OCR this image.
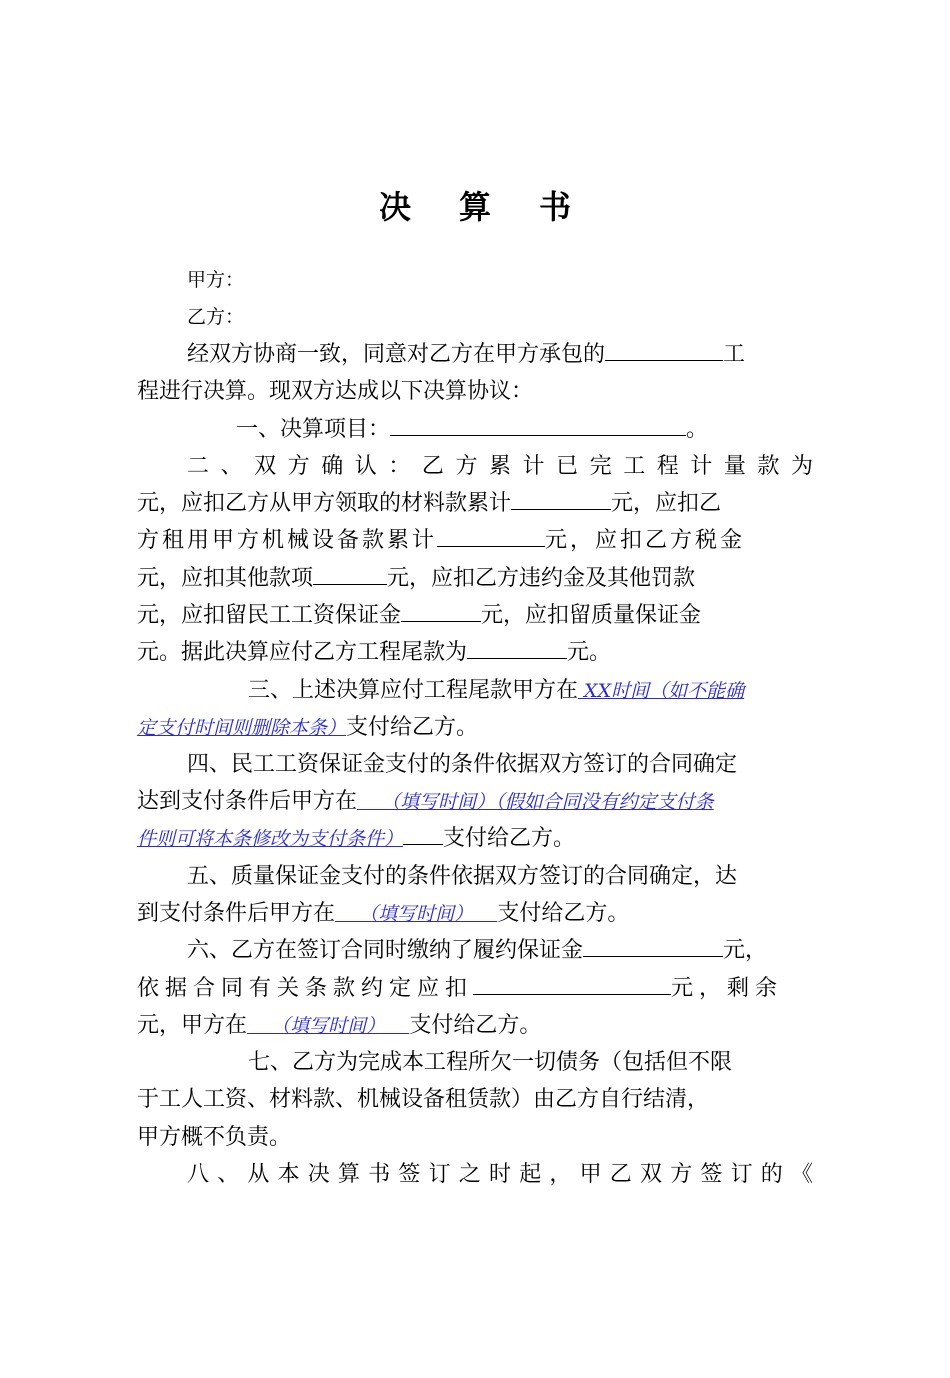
决 算 书
甲方：
乙方：
经双方协商一致，同意对乙方在甲方承包的	工
程进行决算。现双方达成以下决算协议：
一、决算项目：	。
二、双方确认：乙方累计已完工程计量款为
元，应扣乙方从甲方领取的材料款累计	元，应扣乙
方租用甲方机械设备款累计	元，应扣乙方税金
元，应扣其他款项	元，应扣乙方违约金及其他罚款
元，应扣留民工工资保证金	元，应扣留质量保证金
元。据此决算应付乙方工程尾款为	元。
三、上述决算应付工程尾款甲方在 XX时间（如不能确
定支付时间则删除本条）支付给乙方。
四、民工工资保证金支付的条件依据双方签订的合同确定
达到支付条件后甲方在    （填写时间）（假如合同没有约定支付条
件则可将本条修改为支付条件） 支付给乙方。
五、质量保证金支付的条件依据双方签订的合同确定，达
到支付条件后甲方在    （填写时间）    支付给乙方。
六、乙方在签订合同时缴纳了履约保证金	元，
依据合同有关条款约定应扣	元，剩余
元，甲方在    （填写时间）    支付给乙方。
七、乙方为完成本工程所欠一切债务（包括但不限
于工人工资、材料款、机械设备租赁款）由乙方自行结清，
甲方概不负责。
八、从本决算书签订之时起，甲乙双方签订的《
